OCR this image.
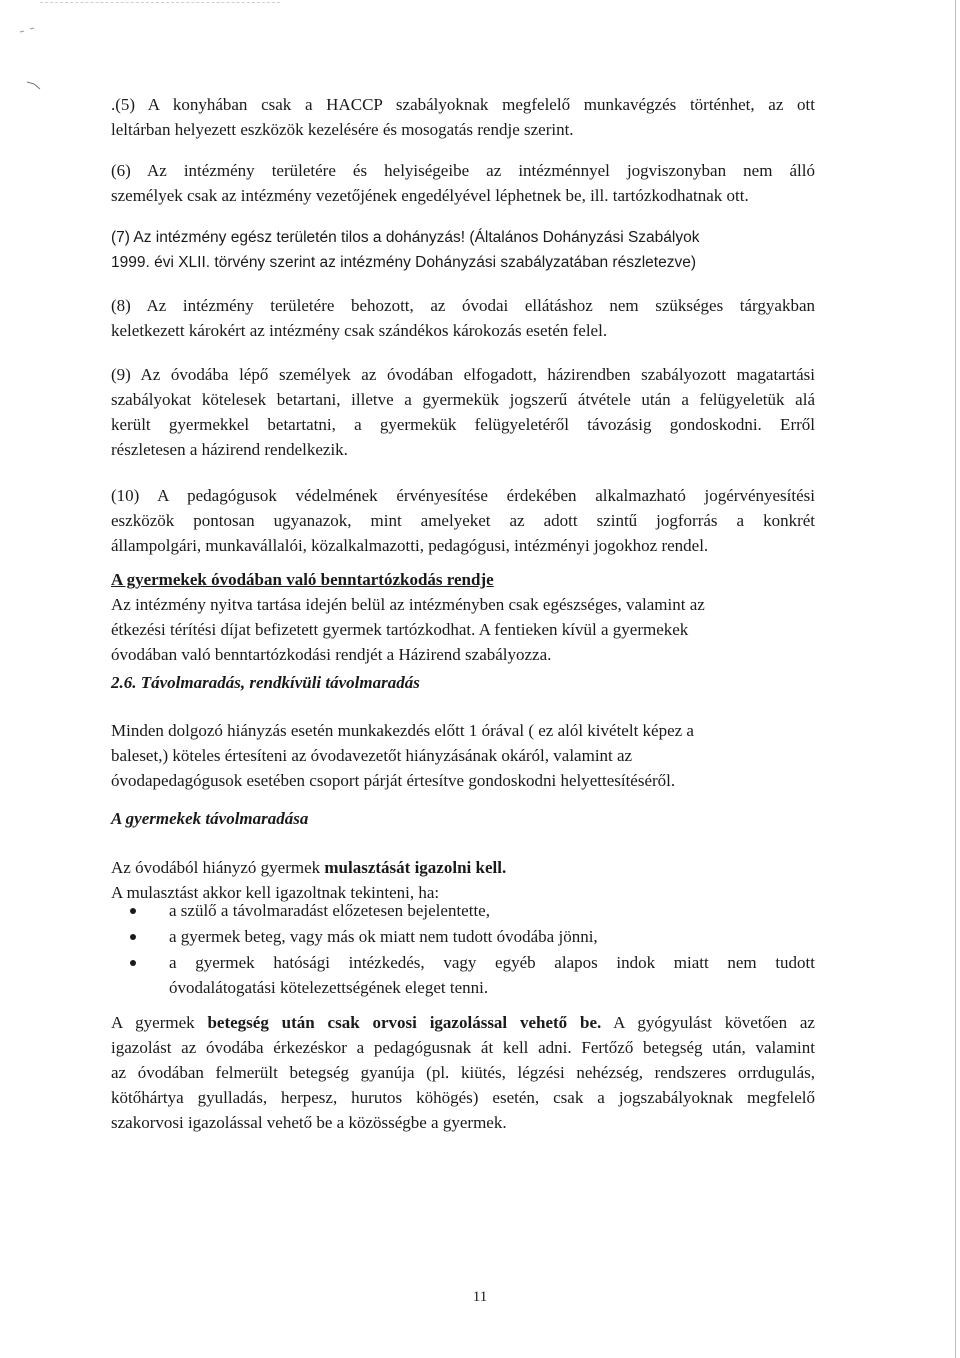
.(5) A konyhában csak a HACCP szabályoknak megfelelő munkavégzés történhet, az ott
leltárban helyezett eszközök kezelésére és mosogatás rendje szerint.

(6) Az intézmény területére és helyiségeibe az intézménnyel jogviszonyban nem álló
személyek csak az intézmény vezetőjének engedélyével léphetnek be, ill. tartózkodhatnak ott.

(7) Az intézmény egész területén tilos a dohányzás! (Általános Dohányzási Szabályok
1999. évi XLII. törvény szerint az intézmény Dohányzási szabályzatában részletezve)

(8) Az intézmény területére behozott, az óvodai ellátáshoz nem szükséges tárgyakban
keletkezett károkért az intézmény csak szándékos károkozás esetén felel.

(9) Az óvodába lépő személyek az óvodában elfogadott, házirendben szabályozott magatartási
szabályokat kötelesek betartani, illetve a gyermekük jogszerű átvétele után a felügyeletük alá
került gyermekkel betartatni, a gyermekük felügyeletéről távozásig gondoskodni. Erről
részletesen a házirend rendelkezik.

(10) A pedagógusok védelmének érvényesítése érdekében alkalmazható jogérvényesítési
eszközök pontosan ugyanazok, mint amelyeket az adott szintű jogforrás a konkrét
állampolgári, munkavállalói, közalkalmazotti, pedagógusi, intézményi jogokhoz rendel.

A gyermekek óvodában való benntartózkodás rendje
Az intézmény nyitva tartása idején belül az intézményben csak egészséges, valamint az
étkezési térítési díjat befizetett gyermek tartózkodhat. A fentieken kívül a gyermekek
óvodában való benntartózkodási rendjét a Házirend szabályozza.
2.6. Távolmaradás, rendkívüli távolmaradás
Minden dolgozó hiányzás esetén munkakezdés előtt 1 órával ( ez alól kivételt képez a
baleset,) köteles értesíteni az óvodavezetőt hiányzásának okáról, valamint az
óvodapedagógusok esetében csoport párját értesítve gondoskodni helyettesítéséről.
A gyermekek távolmaradása
Az óvodából hiányzó gyermek mulasztását igazolni kell.
A mulasztást akkor kell igazoltnak tekinteni, ha:
a szülő a távolmaradást előzetesen bejelentette,
a gyermek beteg, vagy más ok miatt nem tudott óvodába jönni,
a gyermek hatósági intézkedés, vagy egyéb alapos indok miatt nem tudott
óvodalátogatási kötelezettségének eleget tenni.

A gyermek betegség után csak orvosi igazolással vehető be. A gyógyulást követően az
igazolást az óvodába érkezéskor a pedagógusnak át kell adni. Fertőző betegség után, valamint
az óvodában felmerült betegség gyanúja (pl. kiütés, légzési nehézség, rendszeres orrdugulás,
kötőhártya gyulladás, herpesz, hurutos köhögés) esetén, csak a jogszabályoknak megfelelő
szakorvosi igazolással vehető be a közösségbe a gyermek.

11
